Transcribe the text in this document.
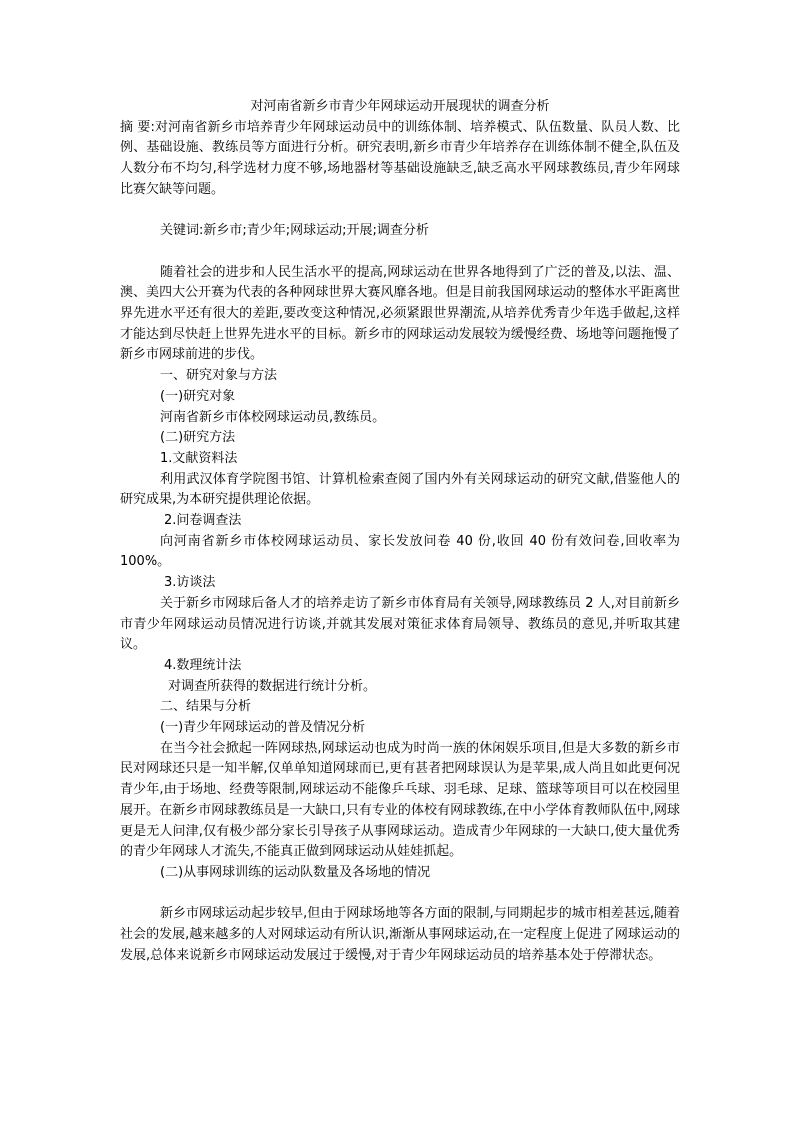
对河南省新乡市青少年网球运动开展现状的调查分析

摘 要:对河南省新乡市培养青少年网球运动员中的训练体制、培养模式、队伍数量、队员人数、比例、基础设施、教练员等方面进行分析。研究表明,新乡市青少年培养存在训练体制不健全,队伍及人数分布不均匀,科学选材力度不够,场地器材等基础设施缺乏,缺乏高水平网球教练员,青少年网球比赛欠缺等问题。

关键词:新乡市;青少年;网球运动;开展;调查分析

随着社会的进步和人民生活水平的提高,网球运动在世界各地得到了广泛的普及,以法、温、澳、美四大公开赛为代表的各种网球世界大赛风靡各地。但是目前我国网球运动的整体水平距离世界先进水平还有很大的差距,要改变这种情况,必须紧跟世界潮流,从培养优秀青少年选手做起,这样才能达到尽快赶上世界先进水平的目标。新乡市的网球运动发展较为缓慢经费、场地等问题拖慢了新乡市网球前进的步伐。

一、研究对象与方法

(一)研究对象

河南省新乡市体校网球运动员,教练员。

(二)研究方法

1.文献资料法

利用武汉体育学院图书馆、计算机检索查阅了国内外有关网球运动的研究文献,借鉴他人的研究成果,为本研究提供理论依据。

2.问卷调查法

向河南省新乡市体校网球运动员、家长发放问卷 40 份,收回 40 份有效问卷,回收率为 100%。

3.访谈法

关于新乡市网球后备人才的培养走访了新乡市体育局有关领导,网球教练员 2 人,对目前新乡市青少年网球运动员情况进行访谈,并就其发展对策征求体育局领导、教练员的意见,并听取其建议。

4.数理统计法

对调查所获得的数据进行统计分析。

二、结果与分析

(一)青少年网球运动的普及情况分析

在当今社会掀起一阵网球热,网球运动也成为时尚一族的休闲娱乐项目,但是大多数的新乡市民对网球还只是一知半解,仅单单知道网球而已,更有甚者把网球误认为是苹果,成人尚且如此更何况青少年,由于场地、经费等限制,网球运动不能像乒乓球、羽毛球、足球、篮球等项目可以在校园里展开。在新乡市网球教练员是一大缺口,只有专业的体校有网球教练,在中小学体育教师队伍中,网球更是无人问津,仅有极少部分家长引导孩子从事网球运动。造成青少年网球的一大缺口,使大量优秀的青少年网球人才流失,不能真正做到网球运动从娃娃抓起。

(二)从事网球训练的运动队数量及各场地的情况

新乡市网球运动起步较早,但由于网球场地等各方面的限制,与同期起步的城市相差甚远,随着社会的发展,越来越多的人对网球运动有所认识,渐渐从事网球运动,在一定程度上促进了网球运动的发展,总体来说新乡市网球运动发展过于缓慢,对于青少年网球运动员的培养基本处于停滞状态。
